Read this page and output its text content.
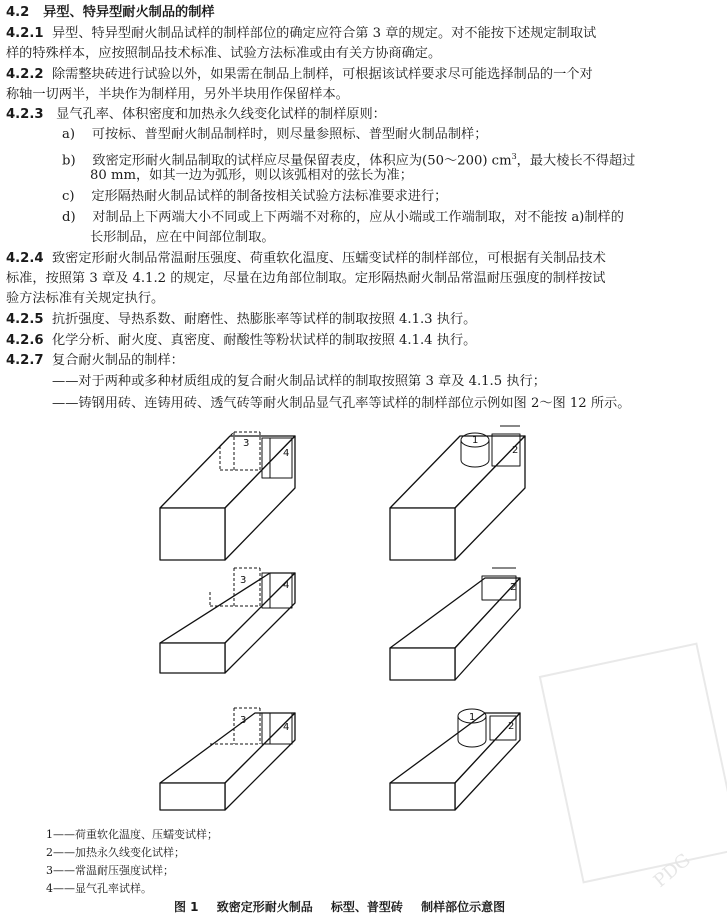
4.2 异型、特异型耐火制品的制样
4.2.1 异型、特异型耐火制品试样的制样部位的确定应符合第 3 章的规定。对不能按下述规定制取试
样的特殊样本，应按照制品技术标准、试验方法标准或由有关方协商确定。
4.2.2 除需整块砖进行试验以外，如果需在制品上制样，可根据该试样要求尽可能选择制品的一个对
称轴一切两半，半块作为制样用，另外半块用作保留样本。
4.2.3 显气孔率、体积密度和加热永久线变化试样的制样原则：
a) 可按标、普型耐火制品制样时，则尽量参照标、普型耐火制品制样；
b) 致密定形耐火制品制取的试样应尽量保留表皮，体积应为(50～200) $cm^3$，最大棱长不得超过
80 mm，如其一边为弧形，则以该弧相对的弦长为准；
c) 定形隔热耐火制品试样的制备按相关试验方法标准要求进行；
d) 对制品上下两端大小不同或上下两端不对称的，应从小端或工作端制取，对不能按 a)制样的
长形制品，应在中间部位制取。
4.2.4 致密定形耐火制品常温耐压强度、荷重软化温度、压蠕变试样的制样部位，可根据有关制品技术
标准，按照第 3 章及 4.1.2 的规定，尽量在边角部位制取。定形隔热耐火制品常温耐压强度的制样按试
验方法标准有关规定执行。
4.2.5 抗折强度、导热系数、耐磨性、热膨胀率等试样的制取按照 4.1.3 执行。
4.2.6 化学分析、耐火度、真密度、耐酸性等粉状试样的制取按照 4.1.4 执行。
4.2.7 复合耐火制品的制样：
——对于两种或多种材质组成的复合耐火制品试样的制取按照第 3 章及 4.1.5 执行；
——铸钢用砖、连铸用砖、透气砖等耐火制品显气孔率等试样的制样部位示例如图 2～图 12 所示。
3
4
1
2
3	4	2
3
4
1
2
PDG
1——荷重软化温度、压蠕变试样；
2——加热永久线变化试样；
3——常温耐压强度试样；
4——显气孔率试样。
图 1 致密定形耐火制品 标型、普型砖 制样部位示意图
